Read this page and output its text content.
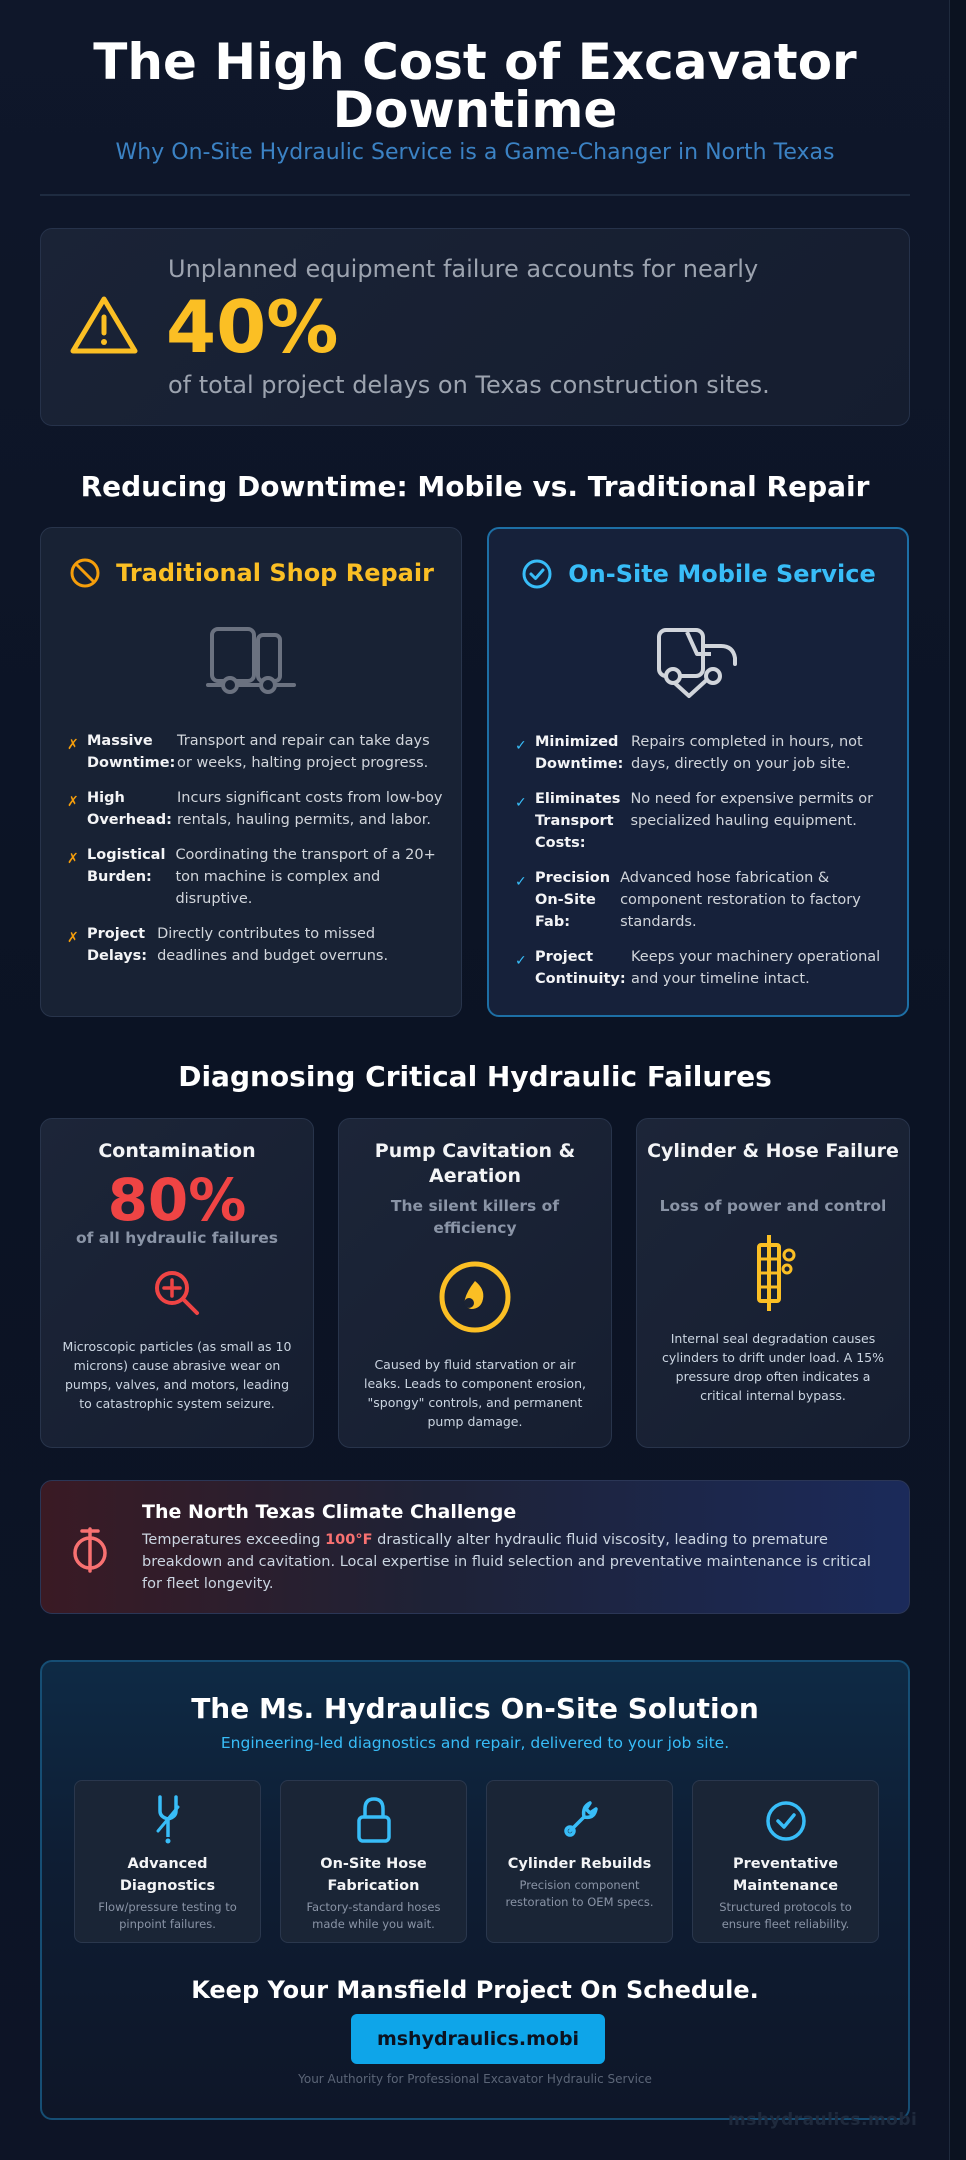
The High Cost of Excavator
Downtime
Why On-Site Hydraulic Service is a Game-Changer in North Texas
Unplanned equipment failure accounts for nearly
40%
of total project delays on Texas construction sites.
Reducing Downtime: Mobile vs. Traditional Repair
Traditional Shop Repair
✗ Massive Downtime:
Transport and repair can take days or weeks, halting project progress.
✗ High Overhead:
Incurs significant costs from low-boy rentals, hauling permits, and labor.
✗ Logistical Burden:
Coordinating the transport of a 20+ ton machine is complex and disruptive.
✗ Project Delays:
Directly contributes to missed deadlines and budget overruns.
On-Site Mobile Service
✓ Minimized Downtime:
Repairs completed in hours, not days, directly on your job site.
✓ Eliminates Transport Costs:
No need for expensive permits or specialized hauling equipment.
✓ Precision On-Site Fab:
Advanced hose fabrication & component restoration to factory standards.
✓ Project Continuity:
Keeps your machinery operational and your timeline intact.
Diagnosing Critical Hydraulic Failures
Contamination
80%
of all hydraulic failures
Microscopic particles (as small as 10 microns) cause abrasive wear on pumps, valves, and motors, leading to catastrophic system seizure.
Pump Cavitation & Aeration
The silent killers of efficiency
Caused by fluid starvation or air leaks. Leads to component erosion, "spongy" controls, and permanent pump damage.
Cylinder & Hose Failure
Loss of power and control
Internal seal degradation causes cylinders to drift under load. A 15% pressure drop often indicates a critical internal bypass.
The North Texas Climate Challenge
Temperatures exceeding 100°F drastically alter hydraulic fluid viscosity, leading to premature breakdown and cavitation. Local expertise in fluid selection and preventative maintenance is critical for fleet longevity.
The Ms. Hydraulics On-Site Solution
Engineering-led diagnostics and repair, delivered to your job site.
Advanced Diagnostics
Flow/pressure testing to pinpoint failures.
On-Site Hose Fabrication
Factory-standard hoses made while you wait.
Cylinder Rebuilds
Precision component restoration to OEM specs.
Preventative Maintenance
Structured protocols to ensure fleet reliability.
Keep Your Mansfield Project On Schedule.
mshydraulics.mobi
Your Authority for Professional Excavator Hydraulic Service
mshydraulics.mobi
